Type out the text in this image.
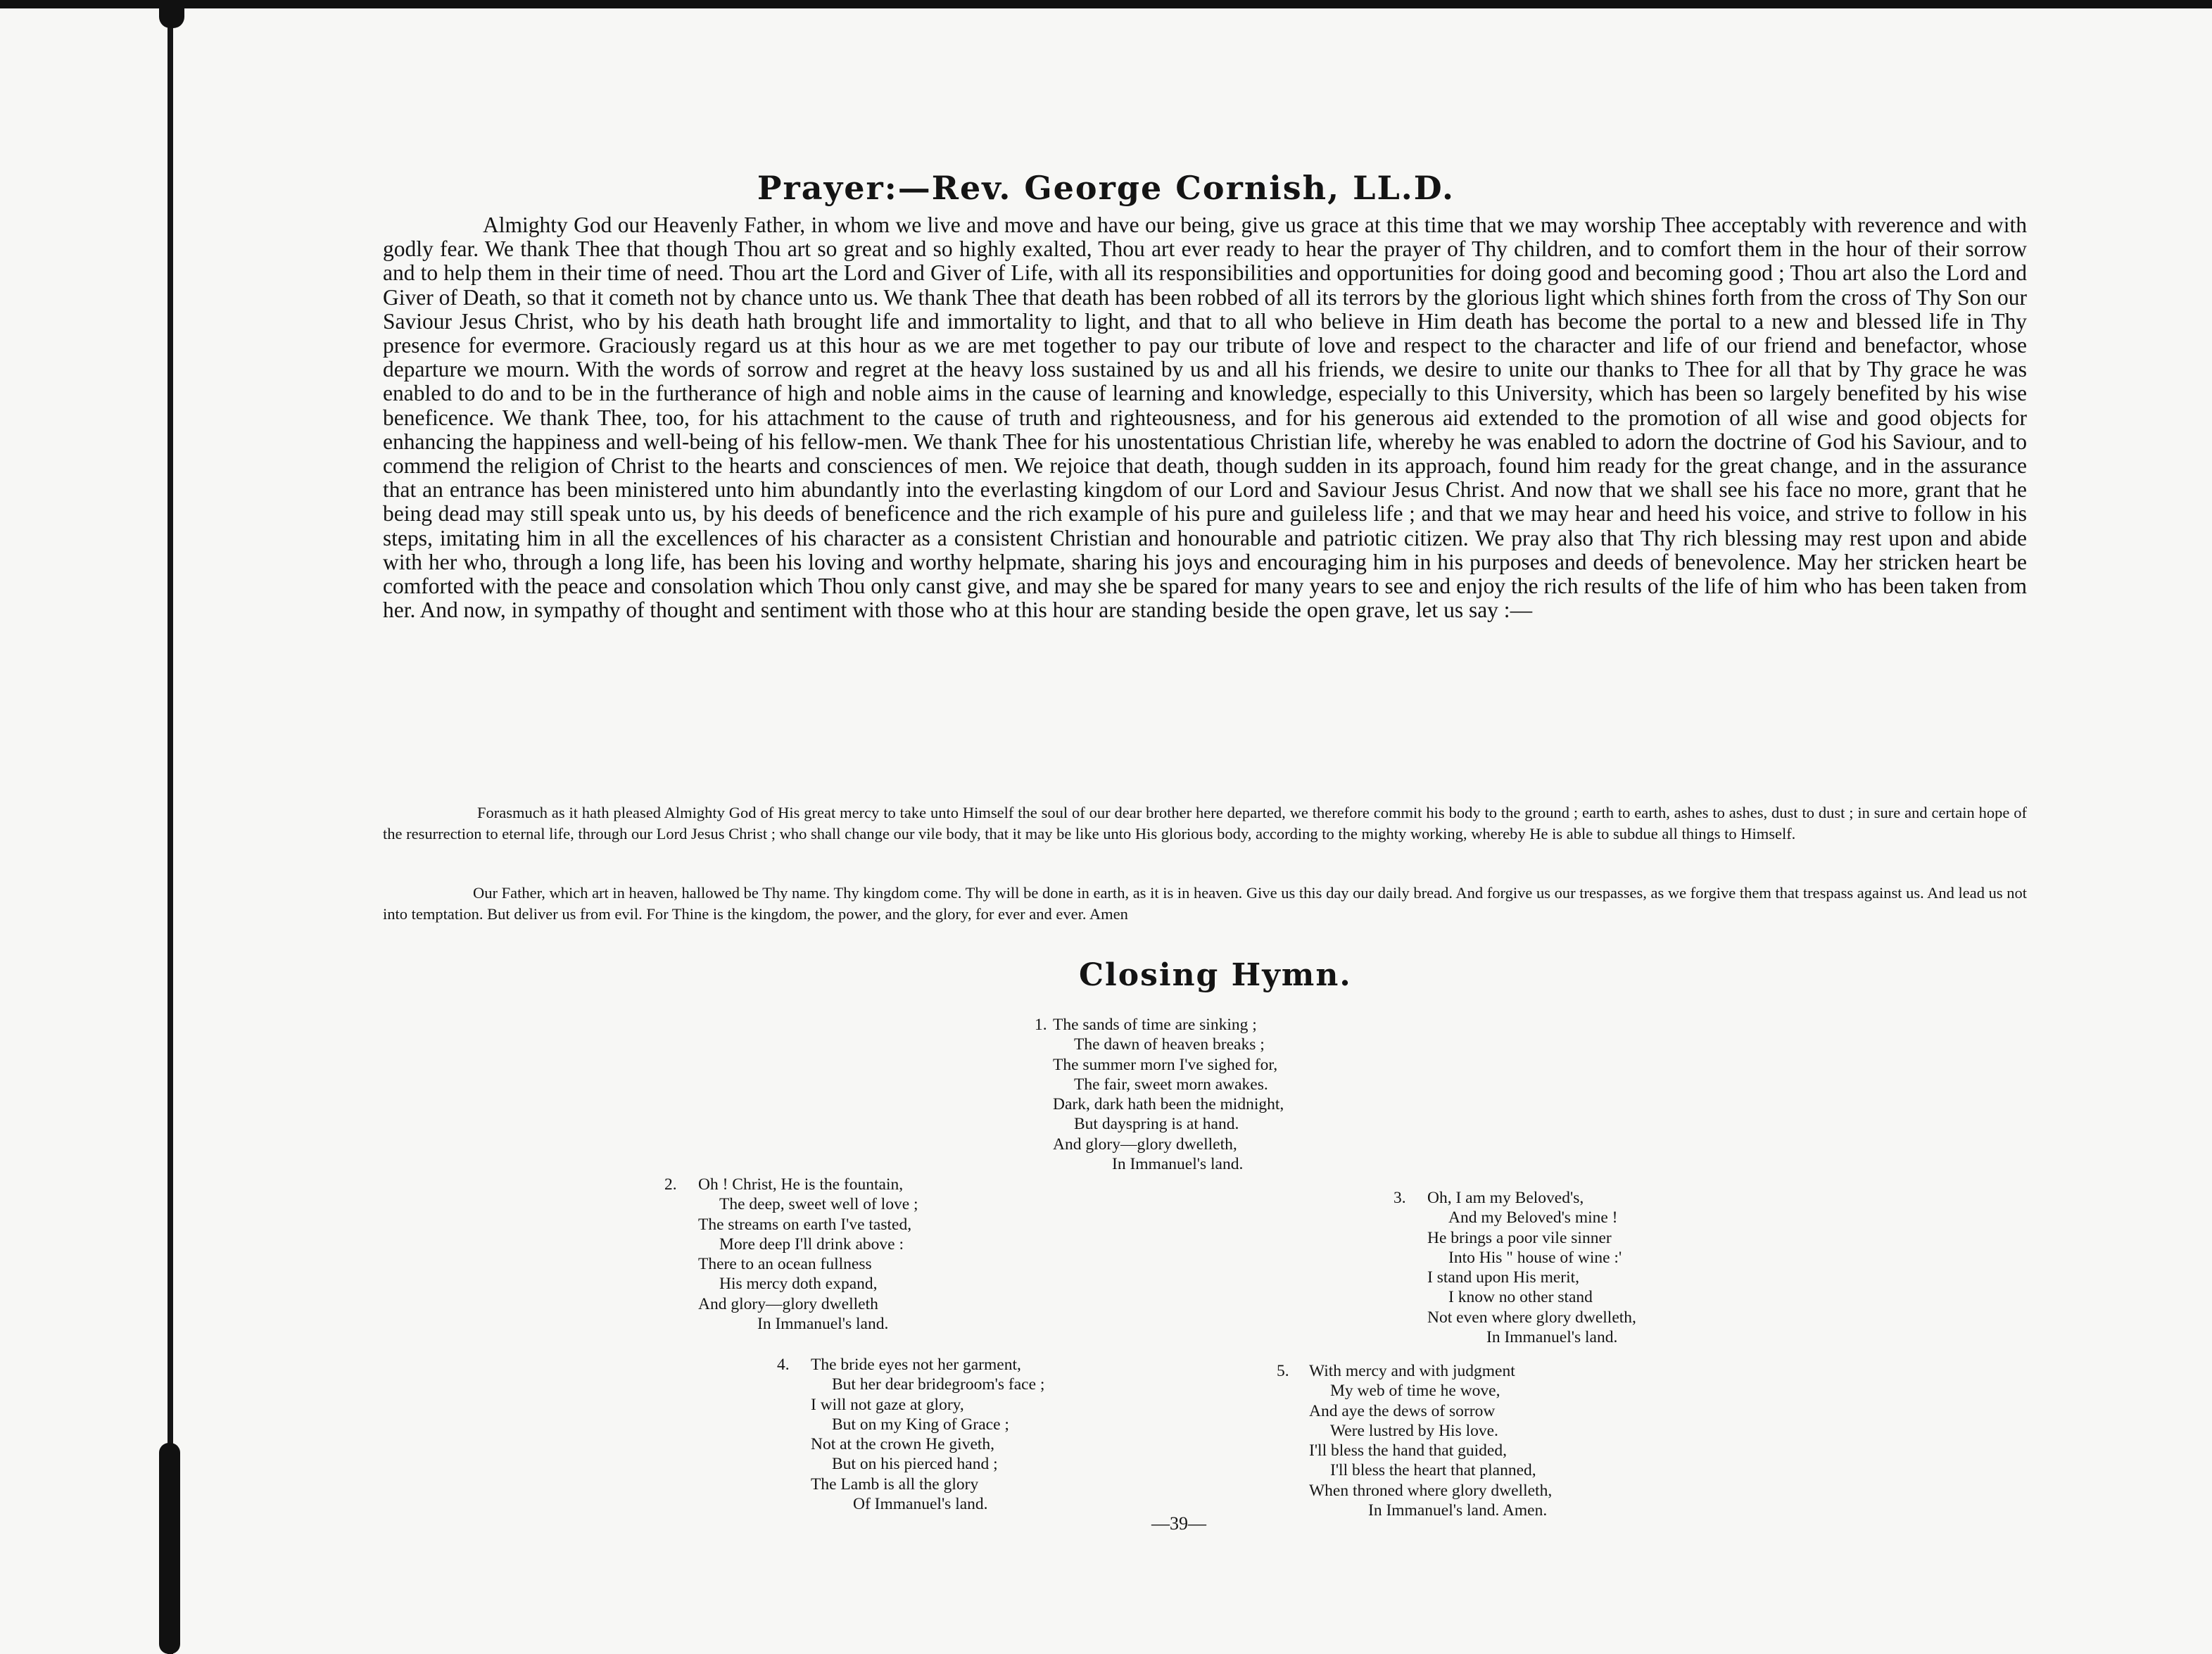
Prayer:—Rev. George Cornish, LL.D.
Almighty God our Heavenly Father, in whom we live and move and have our being, give us grace at this time that we may worship Thee acceptably with reverence and with godly fear. We thank Thee that though Thou art so great and so highly exalted, Thou art ever ready to hear the prayer of Thy children, and to comfort them in the hour of their sorrow and to help them in their time of need. Thou art the Lord and Giver of Life, with all its responsibilities and opportunities for doing good and becoming good ; Thou art also the Lord and Giver of Death, so that it cometh not by chance unto us. We thank Thee that death has been robbed of all its terrors by the glorious light which shines forth from the cross of Thy Son our Saviour Jesus Christ, who by his death hath brought life and immortality to light, and that to all who believe in Him death has become the portal to a new and blessed life in Thy presence for evermore. Graciously regard us at this hour as we are met together to pay our tribute of love and respect to the character and life of our friend and benefactor, whose departure we mourn. With the words of sorrow and regret at the heavy loss sustained by us and all his friends, we desire to unite our thanks to Thee for all that by Thy grace he was enabled to do and to be in the furtherance of high and noble aims in the cause of learning and knowledge, especially to this University, which has been so largely benefited by his wise beneficence. We thank Thee, too, for his attachment to the cause of truth and righteousness, and for his generous aid extended to the promotion of all wise and good objects for enhancing the happiness and well-being of his fellow-men. We thank Thee for his unostentatious Christian life, whereby he was enabled to adorn the doctrine of God his Saviour, and to commend the religion of Christ to the hearts and consciences of men. We rejoice that death, though sudden in its approach, found him ready for the great change, and in the assurance that an entrance has been ministered unto him abundantly into the everlasting kingdom of our Lord and Saviour Jesus Christ. And now that we shall see his face no more, grant that he being dead may still speak unto us, by his deeds of beneficence and the rich example of his pure and guileless life ; and that we may hear and heed his voice, and strive to follow in his steps, imitating him in all the excellences of his character as a consistent Christian and honourable and patriotic citizen. We pray also that Thy rich blessing may rest upon and abide with her who, through a long life, has been his loving and worthy helpmate, sharing his joys and encouraging him in his purposes and deeds of benevolence. May her stricken heart be comforted with the peace and consolation which Thou only canst give, and may she be spared for many years to see and enjoy the rich results of the life of him who has been taken from her. And now, in sympathy of thought and sentiment with those who at this hour are standing beside the open grave, let us say :—
Forasmuch as it hath pleased Almighty God of His great mercy to take unto Himself the soul of our dear brother here departed, we therefore commit his body to the ground ; earth to earth, ashes to ashes, dust to dust ; in sure and certain hope of the resurrection to eternal life, through our Lord Jesus Christ ; who shall change our vile body, that it may be like unto His glorious body, according to the mighty working, whereby He is able to subdue all things to Himself.
Our Father, which art in heaven, hallowed be Thy name. Thy kingdom come. Thy will be done in earth, as it is in heaven. Give us this day our daily bread. And forgive us our trespasses, as we forgive them that trespass against us. And lead us not into temptation. But deliver us from evil. For Thine is the kingdom, the power, and the glory, for ever and ever. Amen
Closing Hymn.
1. The sands of time are sinking ;
The dawn of heaven breaks ;
The summer morn I've sighed for,
The fair, sweet morn awakes.
Dark, dark hath been the midnight,
But dayspring is at hand.
And glory—glory dwelleth,
In Immanuel's land.
2. Oh ! Christ, He is the fountain,
The deep, sweet well of love ;
The streams on earth I've tasted,
More deep I'll drink above :
There to an ocean fullness
His mercy doth expand,
And glory—glory dwelleth
In Immanuel's land.
3. Oh, I am my Beloved's,
And my Beloved's mine !
He brings a poor vile sinner
Into His " house of wine :'
I stand upon His merit,
I know no other stand
Not even where glory dwelleth,
In Immanuel's land.
4. The bride eyes not her garment,
But her dear bridegroom's face ;
I will not gaze at glory,
But on my King of Grace ;
Not at the crown He giveth,
But on his pierced hand ;
The Lamb is all the glory
Of Immanuel's land.
5. With mercy and with judgment
My web of time he wove,
And aye the dews of sorrow
Were lustred by His love.
I'll bless the hand that guided,
I'll bless the heart that planned,
When throned where glory dwelleth,
In Immanuel's land. Amen.
—39—
